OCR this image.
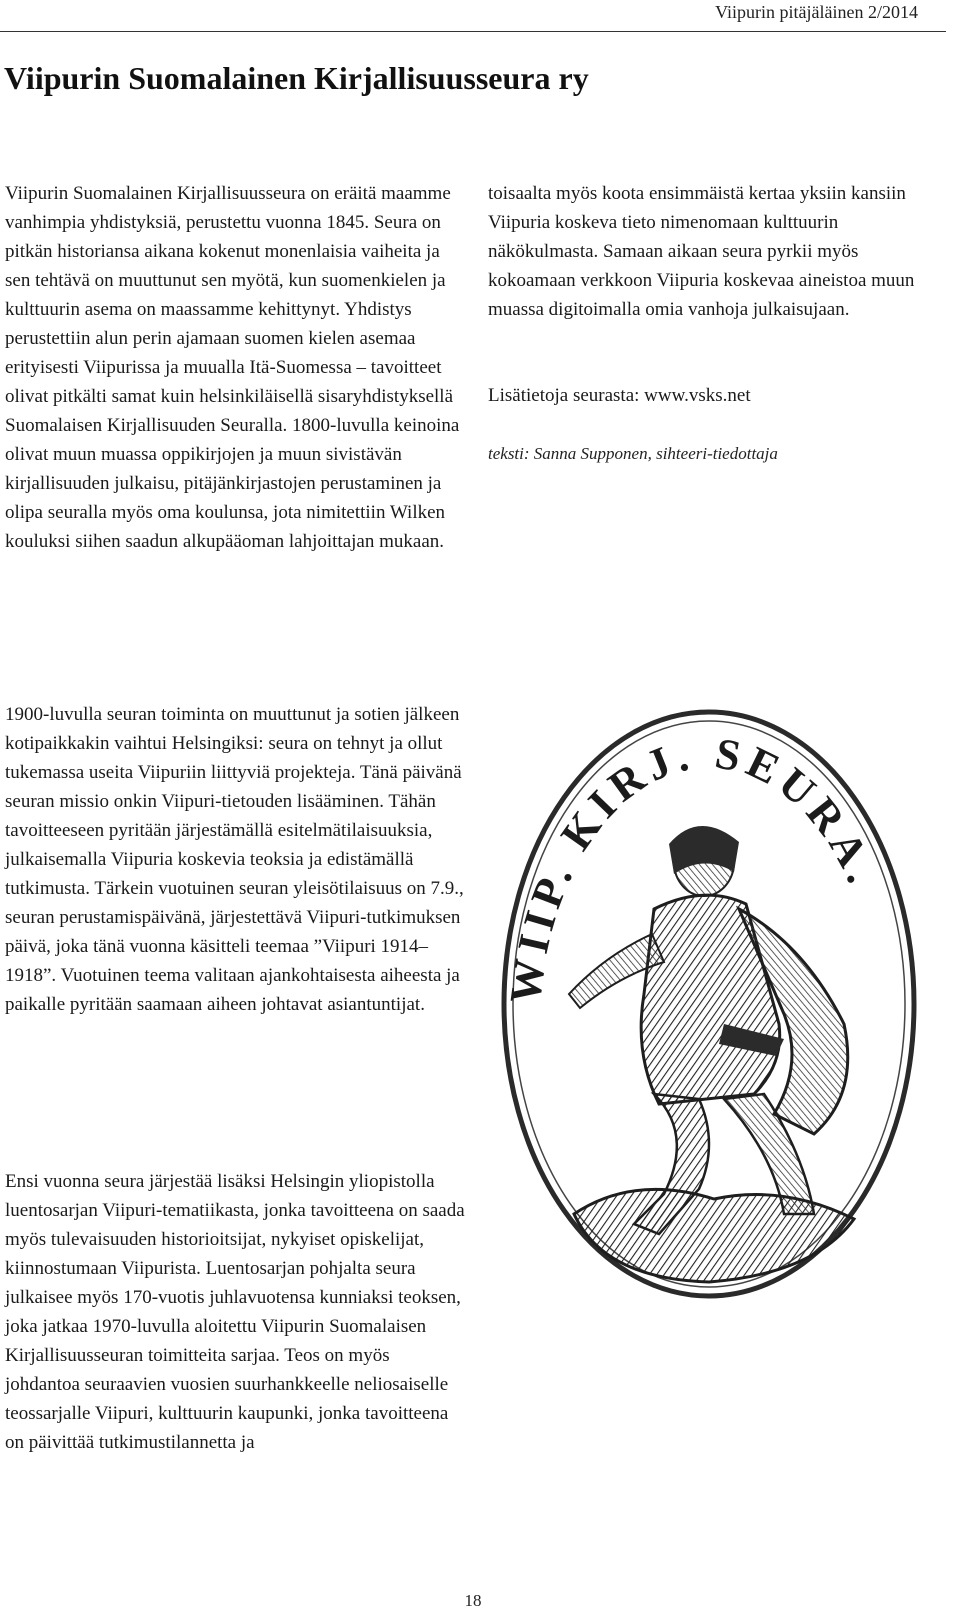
Viipurin pitäjäläinen 2/2014
Viipurin Suomalainen Kirjallisuusseura ry

Viipurin Suomalainen Kirjallisuusseura on eräitä maamme vanhimpia yhdistyksiä, perustettu vuonna 1845. Seura on pitkän historiansa aikana kokenut monenlaisia vaiheita ja sen tehtävä on muuttunut sen myötä, kun suomenkielen ja kulttuurin asema on maassamme kehittynyt. Yhdistys perustettiin alun perin ajamaan suomen kielen asemaa erityisesti Viipurissa ja muualla Itä-Suomessa – tavoitteet olivat pitkälti samat kuin helsinkiläisellä sisaryhdistyksellä Suomalaisen Kirjallisuuden Seuralla. 1800-luvulla keinoina olivat muun muassa oppikirjojen ja muun sivistävän kirjallisuuden julkaisu, pitäjänkirjastojen perustaminen ja olipa seuralla myös oma koulunsa, jota nimitettiin Wilken kouluksi siihen saadun alkupääoman lahjoittajan mukaan.

1900-luvulla seuran toiminta on muuttunut ja sotien jälkeen kotipaikkakin vaihtui Helsingiksi: seura on tehnyt ja ollut tukemassa useita Viipuriin liittyviä projekteja. Tänä päivänä seuran missio onkin Viipuri-tietouden lisääminen. Tähän tavoitteeseen pyritään järjestämällä esitelmätilaisuuksia, julkaisemalla Viipuria koskevia teoksia ja edistämällä tutkimusta. Tärkein vuotuinen seuran yleisötilaisuus on 7.9., seuran perustamispäivänä, järjestettävä Viipuri-tutkimuksen päivä, joka tänä vuonna käsitteli teemaa ”Viipuri 1914–1918”. Vuotuinen teema valitaan ajankohtaisesta aiheesta ja paikalle pyritään saamaan aiheen johtavat asiantuntijat.

Ensi vuonna seura järjestää lisäksi Helsingin yliopistolla luentosarjan Viipuri-tematiikasta, jonka tavoitteena on saada myös tulevaisuuden historioitsijat, nykyiset opiskelijat, kiinnostumaan Viipurista. Luentosarjan pohjalta seura julkaisee myös 170-vuotis juhlavuotensa kunniaksi teoksen, joka jatkaa 1970-luvulla aloitettu Viipurin Suomalaisen Kirjallisuusseuran toimitteita sarjaa. Teos on myös johdantoa seuraavien vuosien suurhankkeelle neliosaiselle teossarjalle Viipuri, kulttuurin kaupunki, jonka tavoitteena on päivittää tutkimustilannetta ja

toisaalta myös koota ensimmäistä kertaa yksiin kansiin Viipuria koskeva tieto nimenomaan kulttuurin näkökulmasta. Samaan aikaan seura pyrkii myös kokoamaan verkkoon Viipuria koskevaa aineistoa muun muassa digitoimalla omia vanhoja julkaisujaan.

Lisätietoja seurasta: www.vsks.net

teksti: Sanna Supponen, sihteeri-tiedottaja

WIIP. KIRJ. SEURA.
18
